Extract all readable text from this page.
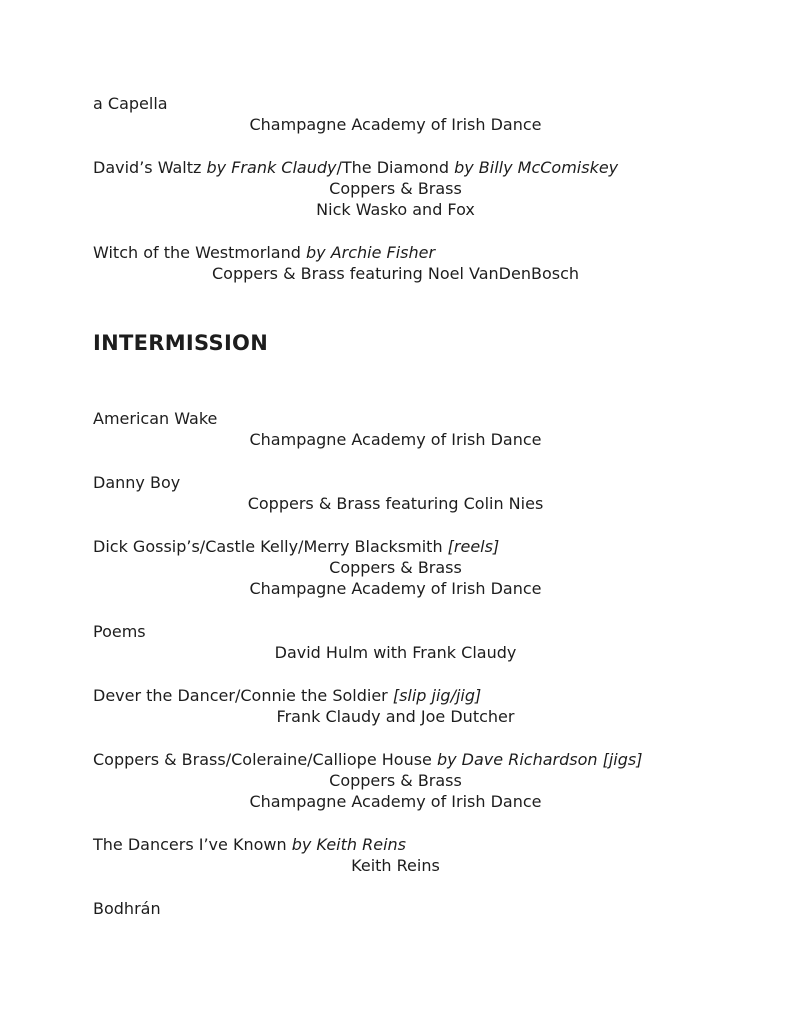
a Capella
Champagne Academy of Irish Dance
David’s Waltz by Frank Claudy/The Diamond by Billy McComiskey
Coppers & Brass
Nick Wasko and Fox
Witch of the Westmorland by Archie Fisher
Coppers & Brass featuring Noel VanDenBosch
INTERMISSION
American Wake
Champagne Academy of Irish Dance
Danny Boy
Coppers & Brass featuring Colin Nies
Dick Gossip’s/Castle Kelly/Merry Blacksmith [reels]
Coppers & Brass
Champagne Academy of Irish Dance
Poems
David Hulm with Frank Claudy
Dever the Dancer/Connie the Soldier [slip jig/jig]
Frank Claudy and Joe Dutcher
Coppers & Brass/Coleraine/Calliope House by Dave Richardson [jigs]
Coppers & Brass
Champagne Academy of Irish Dance
The Dancers I’ve Known by Keith Reins
Keith Reins
Bodhrán
